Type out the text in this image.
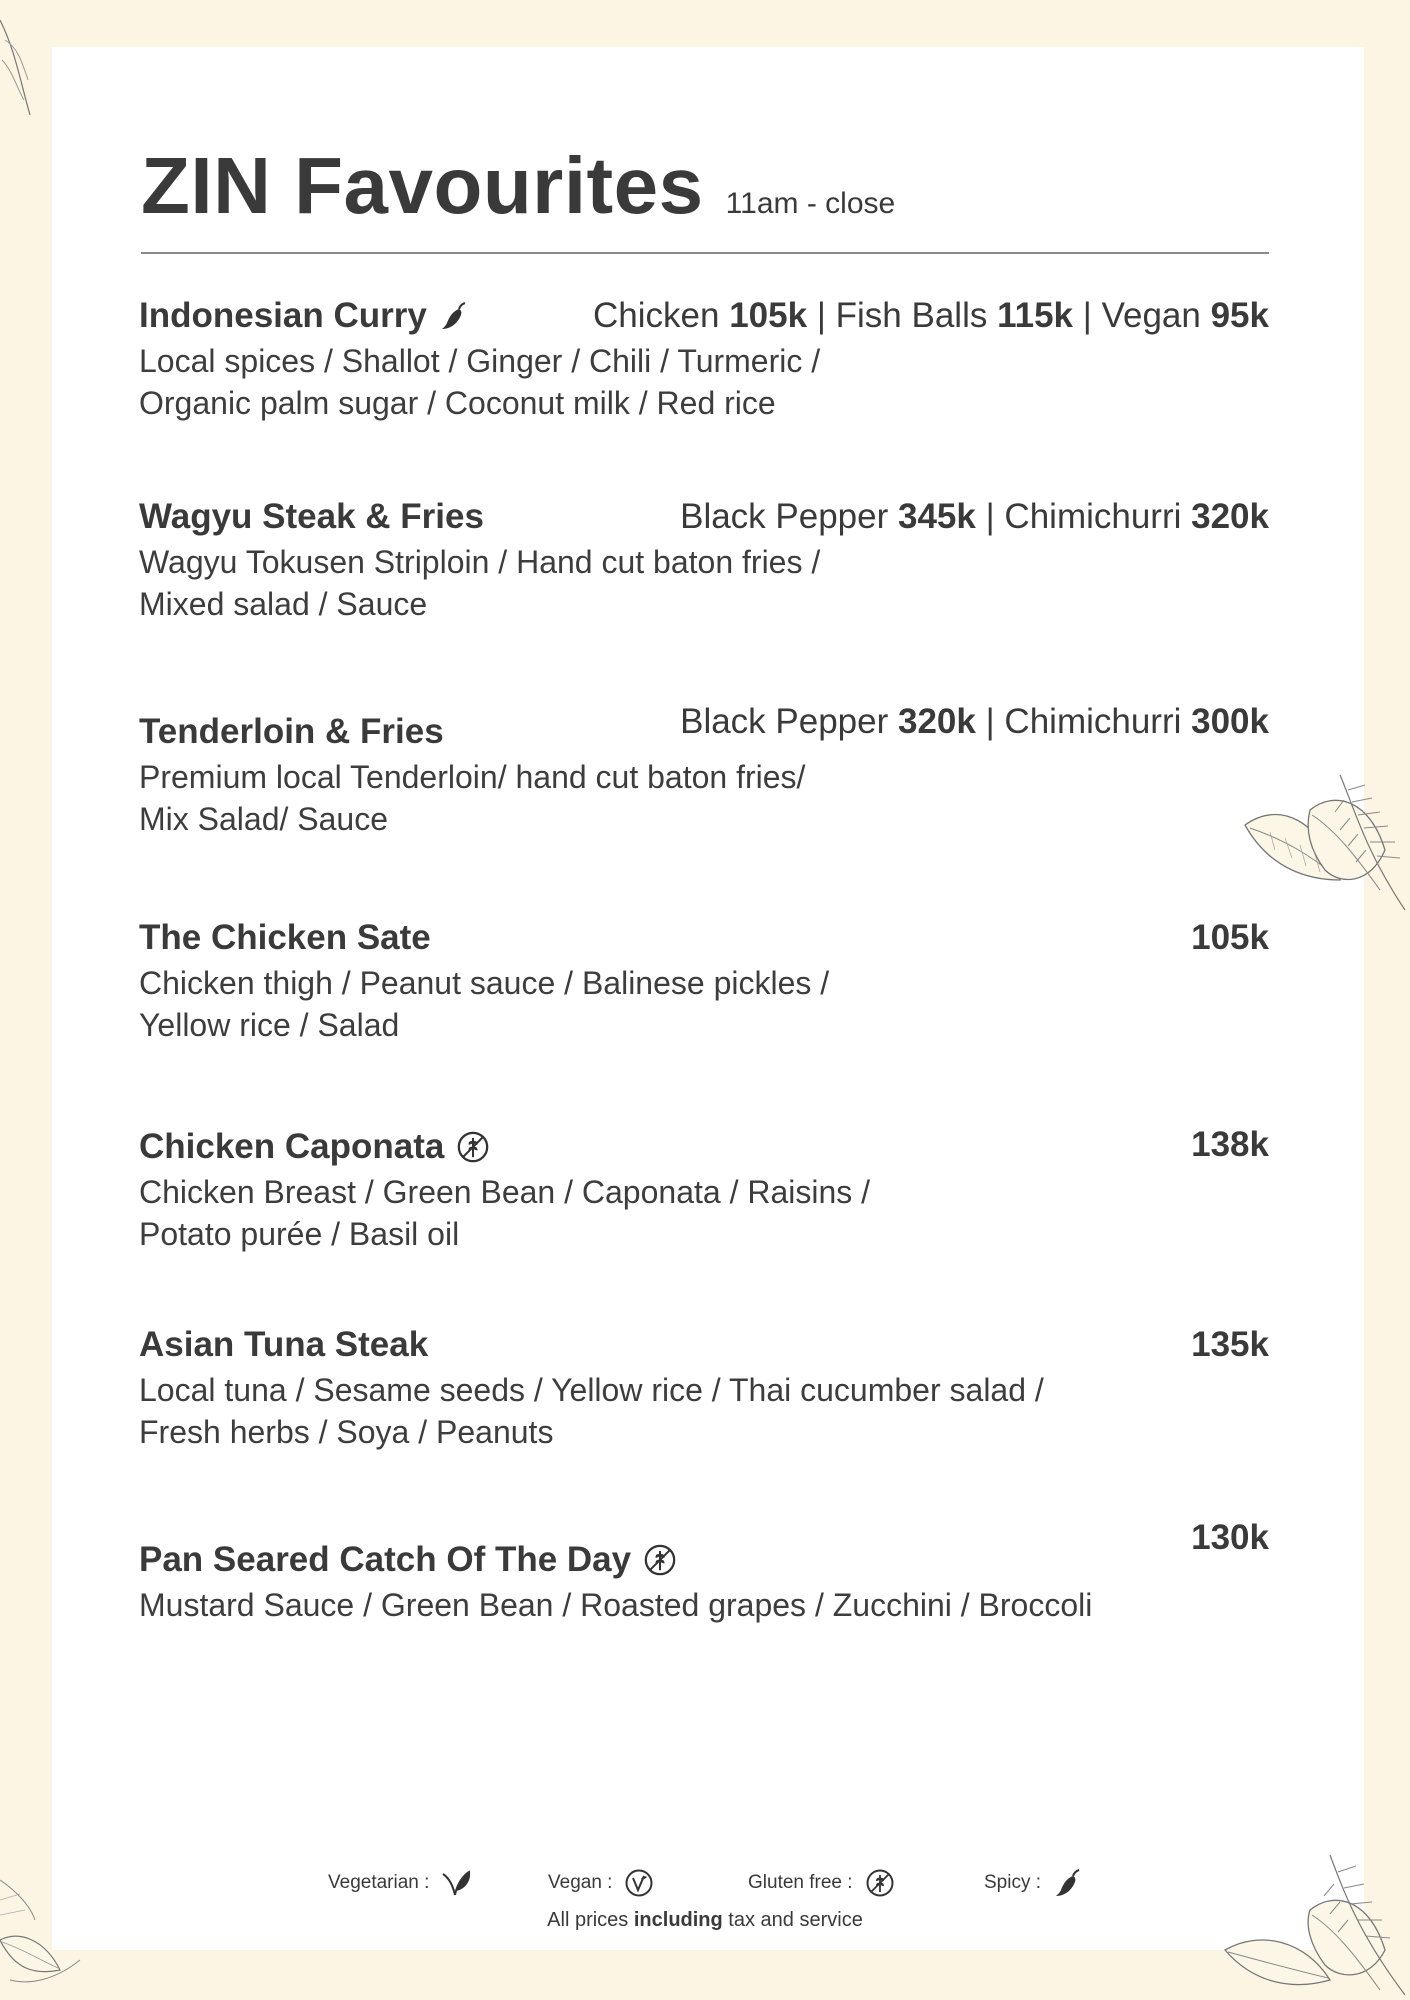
ZIN Favourites 11am - close
Indonesian Curry	Chicken 105k | Fish Balls 115k | Vegan 95k
Local spices / Shallot / Ginger / Chili / Turmeric /
Organic palm sugar / Coconut milk / Red rice
Wagyu Steak & Fries	Black Pepper 345k | Chimichurri 320k
Wagyu Tokusen Striploin / Hand cut baton fries /
Mixed salad / Sauce
Tenderloin & Fries	Black Pepper 320k | Chimichurri 300k
Premium local Tenderloin/ hand cut baton fries/
Mix Salad/ Sauce
The Chicken Sate	105k
Chicken thigh / Peanut sauce / Balinese pickles /
Yellow rice / Salad
Chicken Caponata	138k
Chicken Breast / Green Bean / Caponata / Raisins /
Potato purée / Basil oil
Asian Tuna Steak	135k
Local tuna / Sesame seeds / Yellow rice / Thai cucumber salad /
Fresh herbs / Soya / Peanuts
Pan Seared Catch Of The Day
130k
Mustard Sauce / Green Bean / Roasted grapes / Zucchini / Broccoli
Vegetarian :	Vegan :	Gluten free :	Spicy :
All prices including tax and service
